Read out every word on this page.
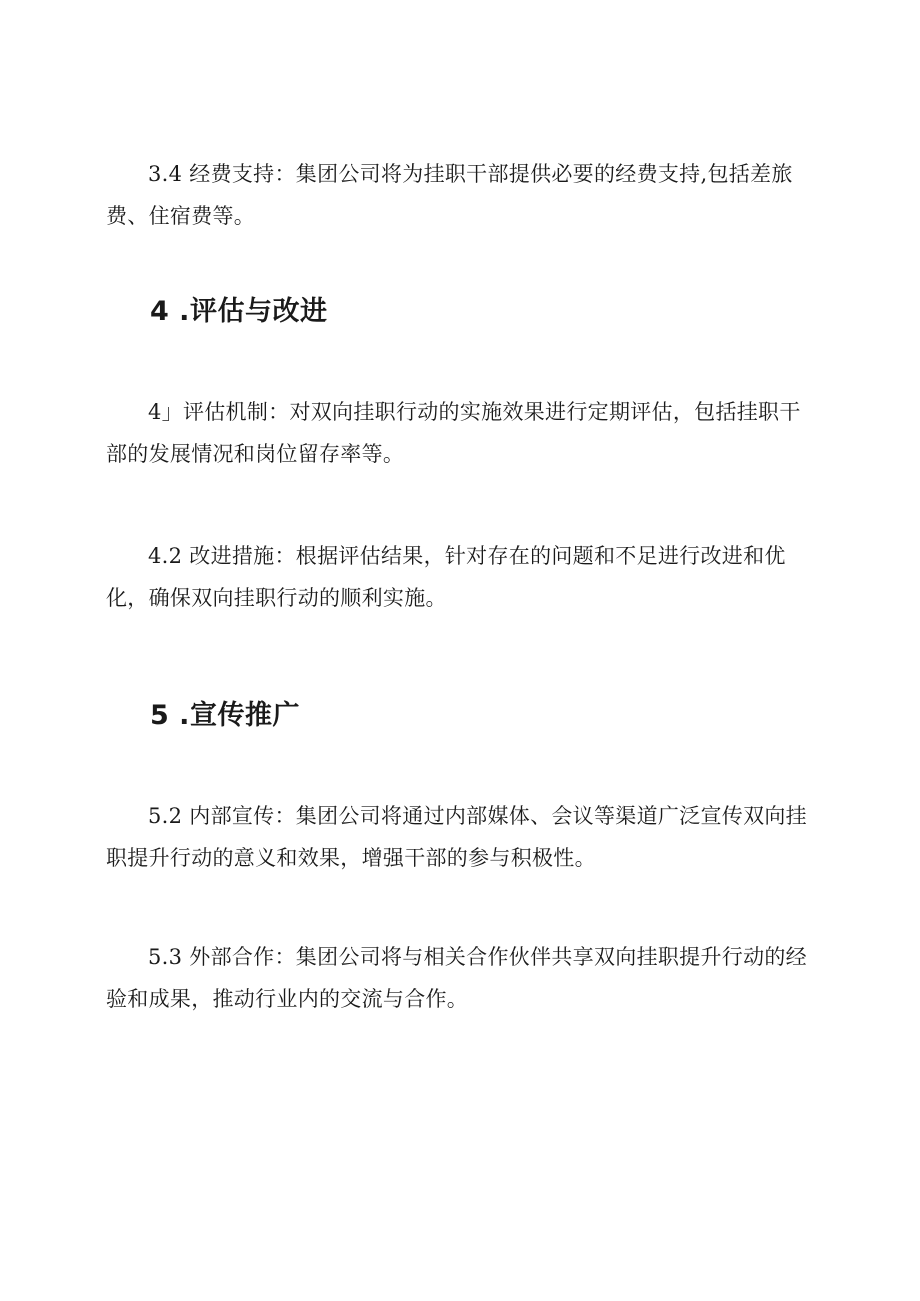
3.4 经费支持：集团公司将为挂职干部提供必要的经费支持,包括差旅费、住宿费等。

4 .评估与改进

4」评估机制：对双向挂职行动的实施效果进行定期评估，包括挂职干部的发展情况和岗位留存率等。

4.2 改进措施：根据评估结果，针对存在的问题和不足进行改进和优化，确保双向挂职行动的顺利实施。

5 .宣传推广

5.2 内部宣传：集团公司将通过内部媒体、会议等渠道广泛宣传双向挂职提升行动的意义和效果，增强干部的参与积极性。

5.3 外部合作：集团公司将与相关合作伙伴共享双向挂职提升行动的经验和成果，推动行业内的交流与合作。
